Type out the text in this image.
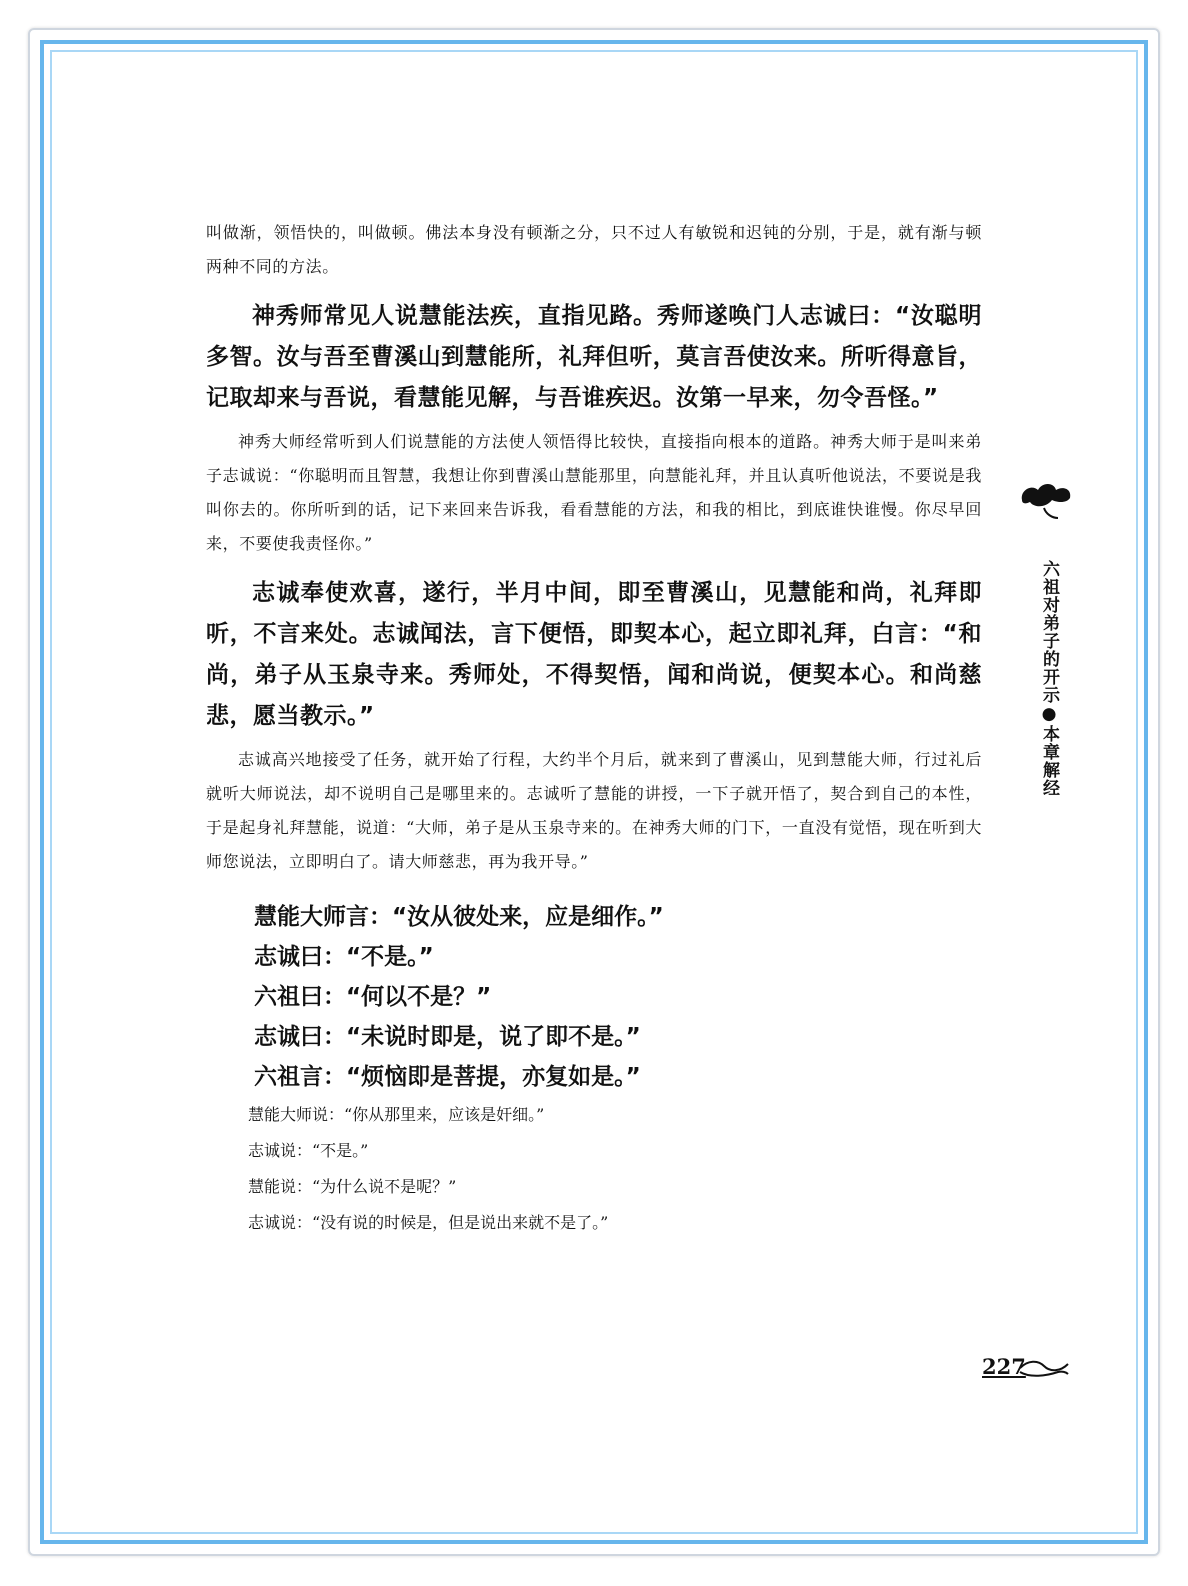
叫做渐，领悟快的，叫做顿。佛法本身没有顿渐之分，只不过人有敏锐和迟钝的分别，于是，就有渐与顿两种不同的方法。

神秀师常见人说慧能法疾，直指见路。秀师遂唤门人志诚曰：“汝聪明多智。汝与吾至曹溪山到慧能所，礼拜但听，莫言吾使汝来。所听得意旨，记取却来与吾说，看慧能见解，与吾谁疾迟。汝第一早来，勿令吾怪。”

神秀大师经常听到人们说慧能的方法使人领悟得比较快，直接指向根本的道路。神秀大师于是叫来弟子志诚说：“你聪明而且智慧，我想让你到曹溪山慧能那里，向慧能礼拜，并且认真听他说法，不要说是我叫你去的。你所听到的话，记下来回来告诉我，看看慧能的方法，和我的相比，到底谁快谁慢。你尽早回来，不要使我责怪你。”

志诚奉使欢喜，遂行，半月中间，即至曹溪山，见慧能和尚，礼拜即听，不言来处。志诚闻法，言下便悟，即契本心，起立即礼拜，白言：“和尚，弟子从玉泉寺来。秀师处，不得契悟，闻和尚说，便契本心。和尚慈悲，愿当教示。”

志诚高兴地接受了任务，就开始了行程，大约半个月后，就来到了曹溪山，见到慧能大师，行过礼后就听大师说法，却不说明自己是哪里来的。志诚听了慧能的讲授，一下子就开悟了，契合到自己的本性，于是起身礼拜慧能，说道：“大师，弟子是从玉泉寺来的。在神秀大师的门下，一直没有觉悟，现在听到大师您说法，立即明白了。请大师慈悲，再为我开导。”

慧能大师言：“汝从彼处来，应是细作。”
志诚曰：“不是。”
六祖曰：“何以不是？”
志诚曰：“未说时即是，说了即不是。”
六祖言：“烦恼即是菩提，亦复如是。”
慧能大师说：“你从那里来，应该是奸细。”
志诚说：“不是。”
慧能说：“为什么说不是呢？”
志诚说：“没有说的时候是，但是说出来就不是了。”
六祖对弟子的开示●本章解经
227
